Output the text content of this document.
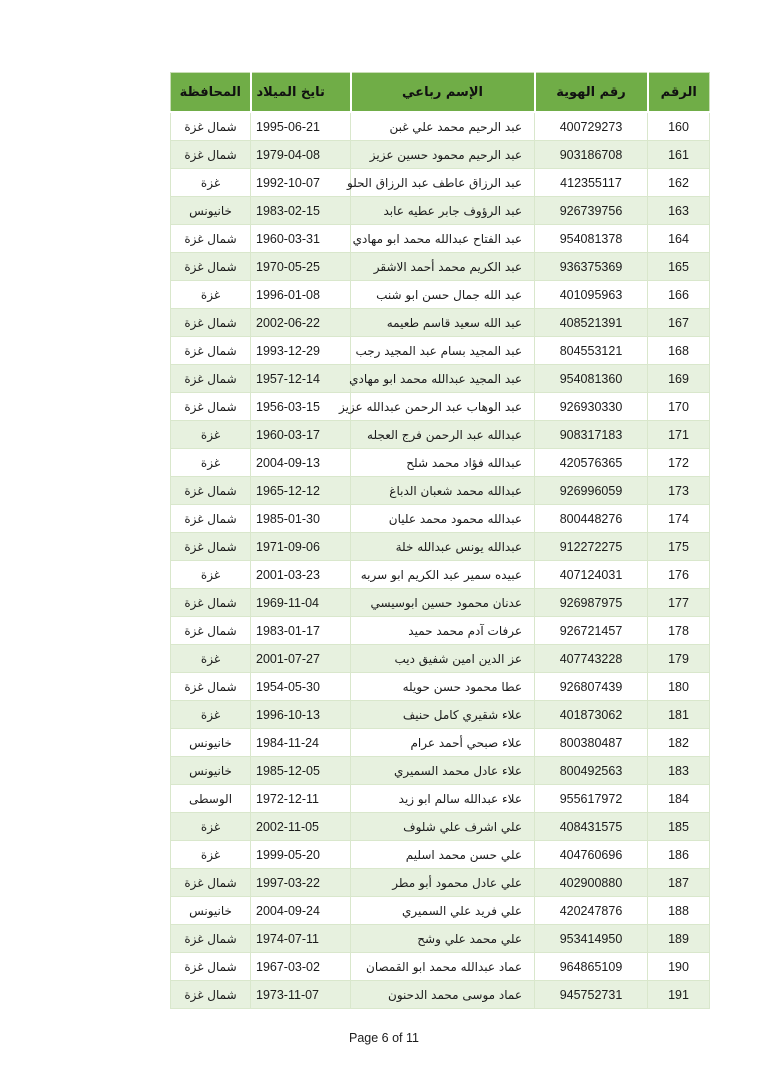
الرقم	رقم الهوية	الإسم رباعي	تايخ الميلاد	المحافظة
160	400729273	عبد الرحيم محمد علي غبن	1995-06-21	شمال غزة
161	903186708	عبد الرحيم محمود حسين عزيز	1979-04-08	شمال غزة
162	412355117	عبد الرزاق عاطف عبد الرزاق الحلو	1992-10-07	غزة
163	926739756	عبد الرؤوف جابر عطيه عابد	1983-02-15	خانيونس
164	954081378	عبد الفتاح عبدالله محمد ابو مهادي	1960-03-31	شمال غزة
165	936375369	عبد الكريم محمد أحمد الاشقر	1970-05-25	شمال غزة
166	401095963	عبد الله جمال حسن ابو شنب	1996-01-08	غزة
167	408521391	عبد الله سعيد قاسم طعيمه	2002-06-22	شمال غزة
168	804553121	عبد المجيد بسام عبد المجيد رجب	1993-12-29	شمال غزة
169	954081360	عبد المجيد عبدالله محمد ابو مهادي	1957-12-14	شمال غزة
170	926930330	عبد الوهاب عبد الرحمن عبدالله عزيز	1956-03-15	شمال غزة
171	908317183	عبدالله عبد الرحمن فرج العجله	1960-03-17	غزة
172	420576365	عبدالله فؤاد محمد شلح	2004-09-13	غزة
173	926996059	عبدالله محمد شعبان الدباغ	1965-12-12	شمال غزة
174	800448276	عبدالله محمود محمد عليان	1985-01-30	شمال غزة
175	912272275	عبدالله يونس عبدالله خلة	1971-09-06	شمال غزة
176	407124031	عبيده سمير عبد الكريم ابو سربه	2001-03-23	غزة
177	926987975	عدنان محمود حسين ابوسيسي	1969-11-04	شمال غزة
178	926721457	عرفات آدم محمد حميد	1983-01-17	شمال غزة
179	407743228	عز الدين امين شفيق ديب	2001-07-27	غزة
180	926807439	عطا محمود حسن حويله	1954-05-30	شمال غزة
181	401873062	علاء شقيري كامل حنيف	1996-10-13	غزة
182	800380487	علاء صبحي أحمد عرام	1984-11-24	خانيونس
183	800492563	علاء عادل محمد السميري	1985-12-05	خانيونس
184	955617972	علاء عبدالله سالم ابو زيد	1972-12-11	الوسطى
185	408431575	علي اشرف علي شلوف	2002-11-05	غزة
186	404760696	علي حسن محمد اسليم	1999-05-20	غزة
187	402900880	علي عادل محمود أبو مطر	1997-03-22	شمال غزة
188	420247876	علي فريد علي السميري	2004-09-24	خانيونس
189	953414950	علي محمد علي وشح	1974-07-11	شمال غزة
190	964865109	عماد عبدالله محمد ابو القمصان	1967-03-02	شمال غزة
191	945752731	عماد موسى محمد الدحنون	1973-11-07	شمال غزة
Page 6 of 11
